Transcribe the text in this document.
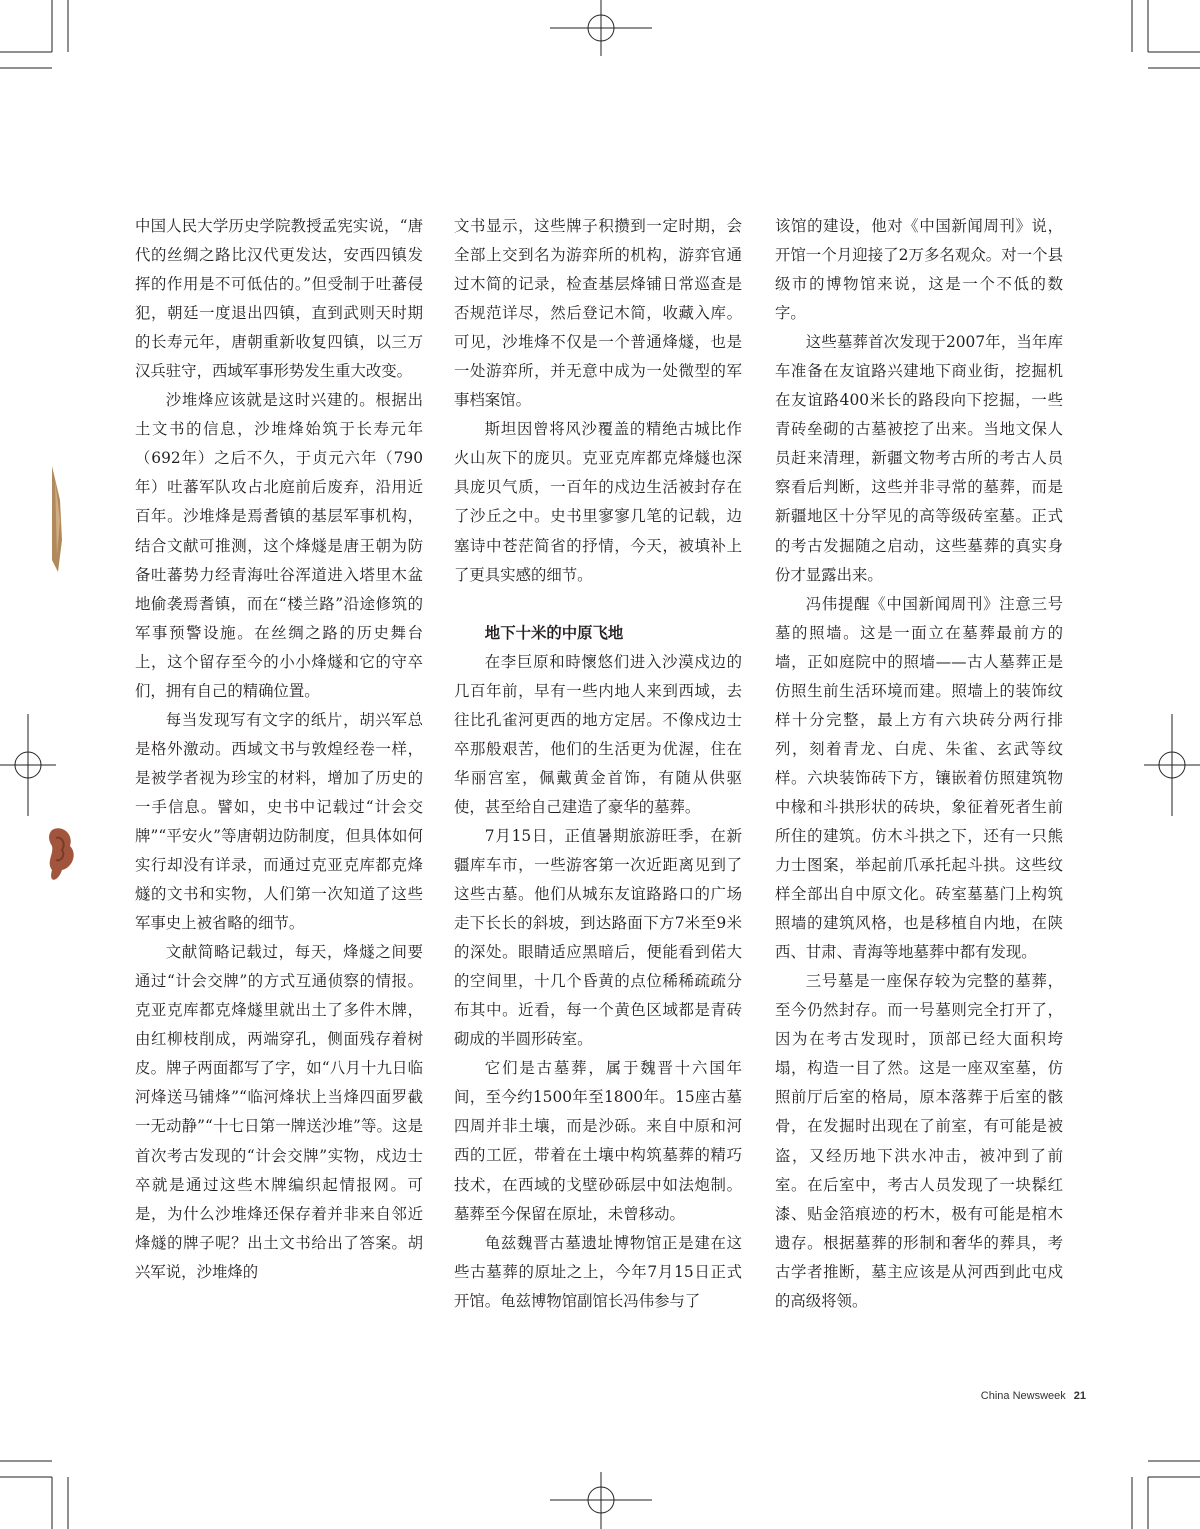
中国人民大学历史学院教授孟宪实说，“唐代的丝绸之路比汉代更发达，安西四镇发挥的作用是不可低估的。”但受制于吐蕃侵犯，朝廷一度退出四镇，直到武则天时期的长寿元年，唐朝重新收复四镇，以三万汉兵驻守，西域军事形势发生重大改变。

沙堆烽应该就是这时兴建的。根据出土文书的信息，沙堆烽始筑于长寿元年（692年）之后不久，于贞元六年（790年）吐蕃军队攻占北庭前后废弃，沿用近百年。沙堆烽是焉耆镇的基层军事机构，结合文献可推测，这个烽燧是唐王朝为防备吐蕃势力经青海吐谷浑道进入塔里木盆地偷袭焉耆镇，而在“楼兰路”沿途修筑的军事预警设施。在丝绸之路的历史舞台上，这个留存至今的小小烽燧和它的守卒们，拥有自己的精确位置。

每当发现写有文字的纸片，胡兴军总是格外激动。西域文书与敦煌经卷一样，是被学者视为珍宝的材料，增加了历史的一手信息。譬如，史书中记载过“计会交牌”“平安火”等唐朝边防制度，但具体如何实行却没有详录，而通过克亚克库都克烽燧的文书和实物，人们第一次知道了这些军事史上被省略的细节。

文献简略记载过，每天，烽燧之间要通过“计会交牌”的方式互通侦察的情报。克亚克库都克烽燧里就出土了多件木牌，由红柳枝削成，两端穿孔，侧面残存着树皮。牌子两面都写了字，如“八月十九日临河烽送马铺烽”“临河烽状上当烽四面罗截一无动静”“十七日第一牌送沙堆”等。这是首次考古发现的“计会交牌”实物，戍边士卒就是通过这些木牌编织起情报网。可是，为什么沙堆烽还保存着并非来自邻近烽燧的牌子呢？出土文书给出了答案。胡兴军说，沙堆烽的

文书显示，这些牌子积攒到一定时期，会全部上交到名为游弈所的机构，游弈官通过木简的记录，检查基层烽铺日常巡查是否规范详尽，然后登记木简，收藏入库。可见，沙堆烽不仅是一个普通烽燧，也是一处游弈所，并无意中成为一处微型的军事档案馆。

斯坦因曾将风沙覆盖的精绝古城比作火山灰下的庞贝。克亚克库都克烽燧也深具庞贝气质，一百年的戍边生活被封存在了沙丘之中。史书里寥寥几笔的记载，边塞诗中苍茫简省的抒情，今天，被填补上了更具实感的细节。

地下十米的中原飞地

在李巨原和時懷悠们进入沙漠戍边的几百年前，早有一些内地人来到西域，去往比孔雀河更西的地方定居。不像戍边士卒那般艰苦，他们的生活更为优渥，住在华丽宫室，佩戴黄金首饰，有随从供驱使，甚至给自己建造了豪华的墓葬。

7月15日，正值暑期旅游旺季，在新疆库车市，一些游客第一次近距离见到了这些古墓。他们从城东友谊路路口的广场走下长长的斜坡，到达路面下方7米至9米的深处。眼睛适应黑暗后，便能看到偌大的空间里，十几个昏黄的点位稀稀疏疏分布其中。近看，每一个黄色区域都是青砖砌成的半圆形砖室。

它们是古墓葬，属于魏晋十六国年间，至今约1500年至1800年。15座古墓四周并非土壤，而是沙砾。来自中原和河西的工匠，带着在土壤中构筑墓葬的精巧技术，在西域的戈壁砂砾层中如法炮制。墓葬至今保留在原址，未曾移动。

龟兹魏晋古墓遗址博物馆正是建在这些古墓葬的原址之上，今年7月15日正式开馆。龟兹博物馆副馆长冯伟参与了

该馆的建设，他对《中国新闻周刊》说，开馆一个月迎接了2万多名观众。对一个县级市的博物馆来说，这是一个不低的数字。

这些墓葬首次发现于2007年，当年库车准备在友谊路兴建地下商业街，挖掘机在友谊路400米长的路段向下挖掘，一些青砖垒砌的古墓被挖了出来。当地文保人员赶来清理，新疆文物考古所的考古人员察看后判断，这些并非寻常的墓葬，而是新疆地区十分罕见的高等级砖室墓。正式的考古发掘随之启动，这些墓葬的真实身份才显露出来。

冯伟提醒《中国新闻周刊》注意三号墓的照墙。这是一面立在墓葬最前方的墙，正如庭院中的照墙——古人墓葬正是仿照生前生活环境而建。照墙上的装饰纹样十分完整，最上方有六块砖分两行排列，刻着青龙、白虎、朱雀、玄武等纹样。六块装饰砖下方，镶嵌着仿照建筑物中椽和斗拱形状的砖块，象征着死者生前所住的建筑。仿木斗拱之下，还有一只熊力士图案，举起前爪承托起斗拱。这些纹样全部出自中原文化。砖室墓墓门上构筑照墙的建筑风格，也是移植自内地，在陕西、甘肃、青海等地墓葬中都有发现。

三号墓是一座保存较为完整的墓葬，至今仍然封存。而一号墓则完全打开了，因为在考古发现时，顶部已经大面积垮塌，构造一目了然。这是一座双室墓，仿照前厅后室的格局，原本落葬于后室的骸骨，在发掘时出现在了前室，有可能是被盗，又经历地下洪水冲击，被冲到了前室。在后室中，考古人员发现了一块髹红漆、贴金箔痕迹的朽木，极有可能是棺木遗存。根据墓葬的形制和奢华的葬具，考古学者推断，墓主应该是从河西到此屯戍的高级将领。

China Newsweek 21
